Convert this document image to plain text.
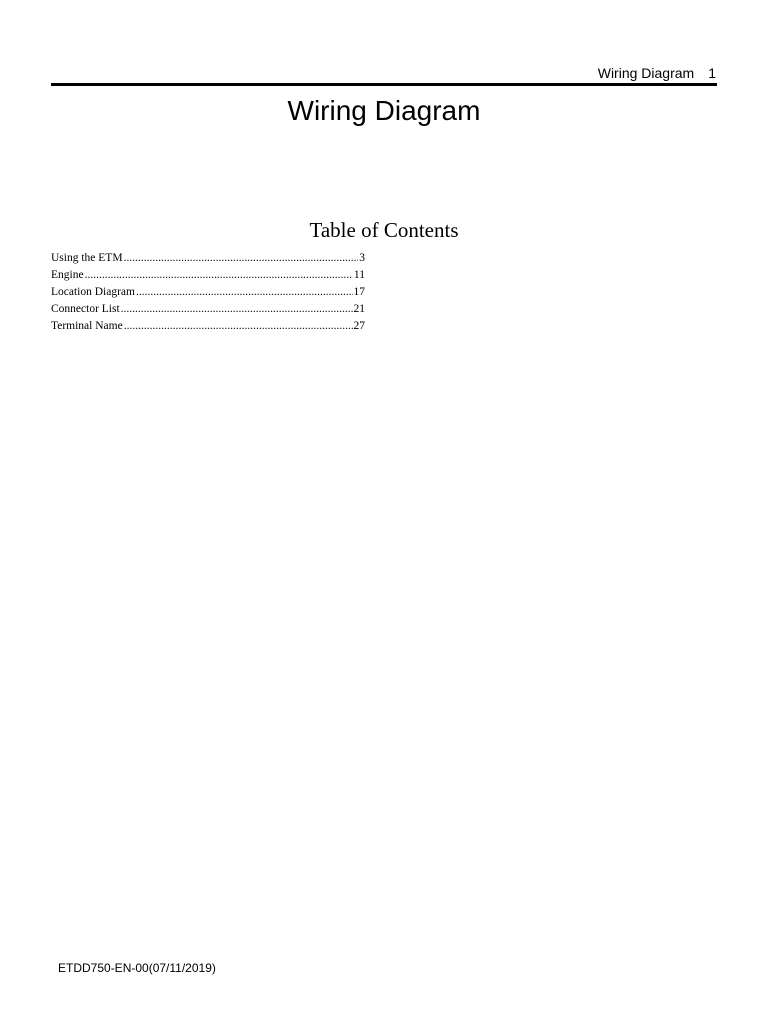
Wiring Diagram 1
Wiring Diagram
Table of Contents
Using the ETM .....	3
Engine .....	11
Location Diagram .....	17
Connector List .....	21
Terminal Name .....	27
ETDD750-EN-00(07/11/2019)
